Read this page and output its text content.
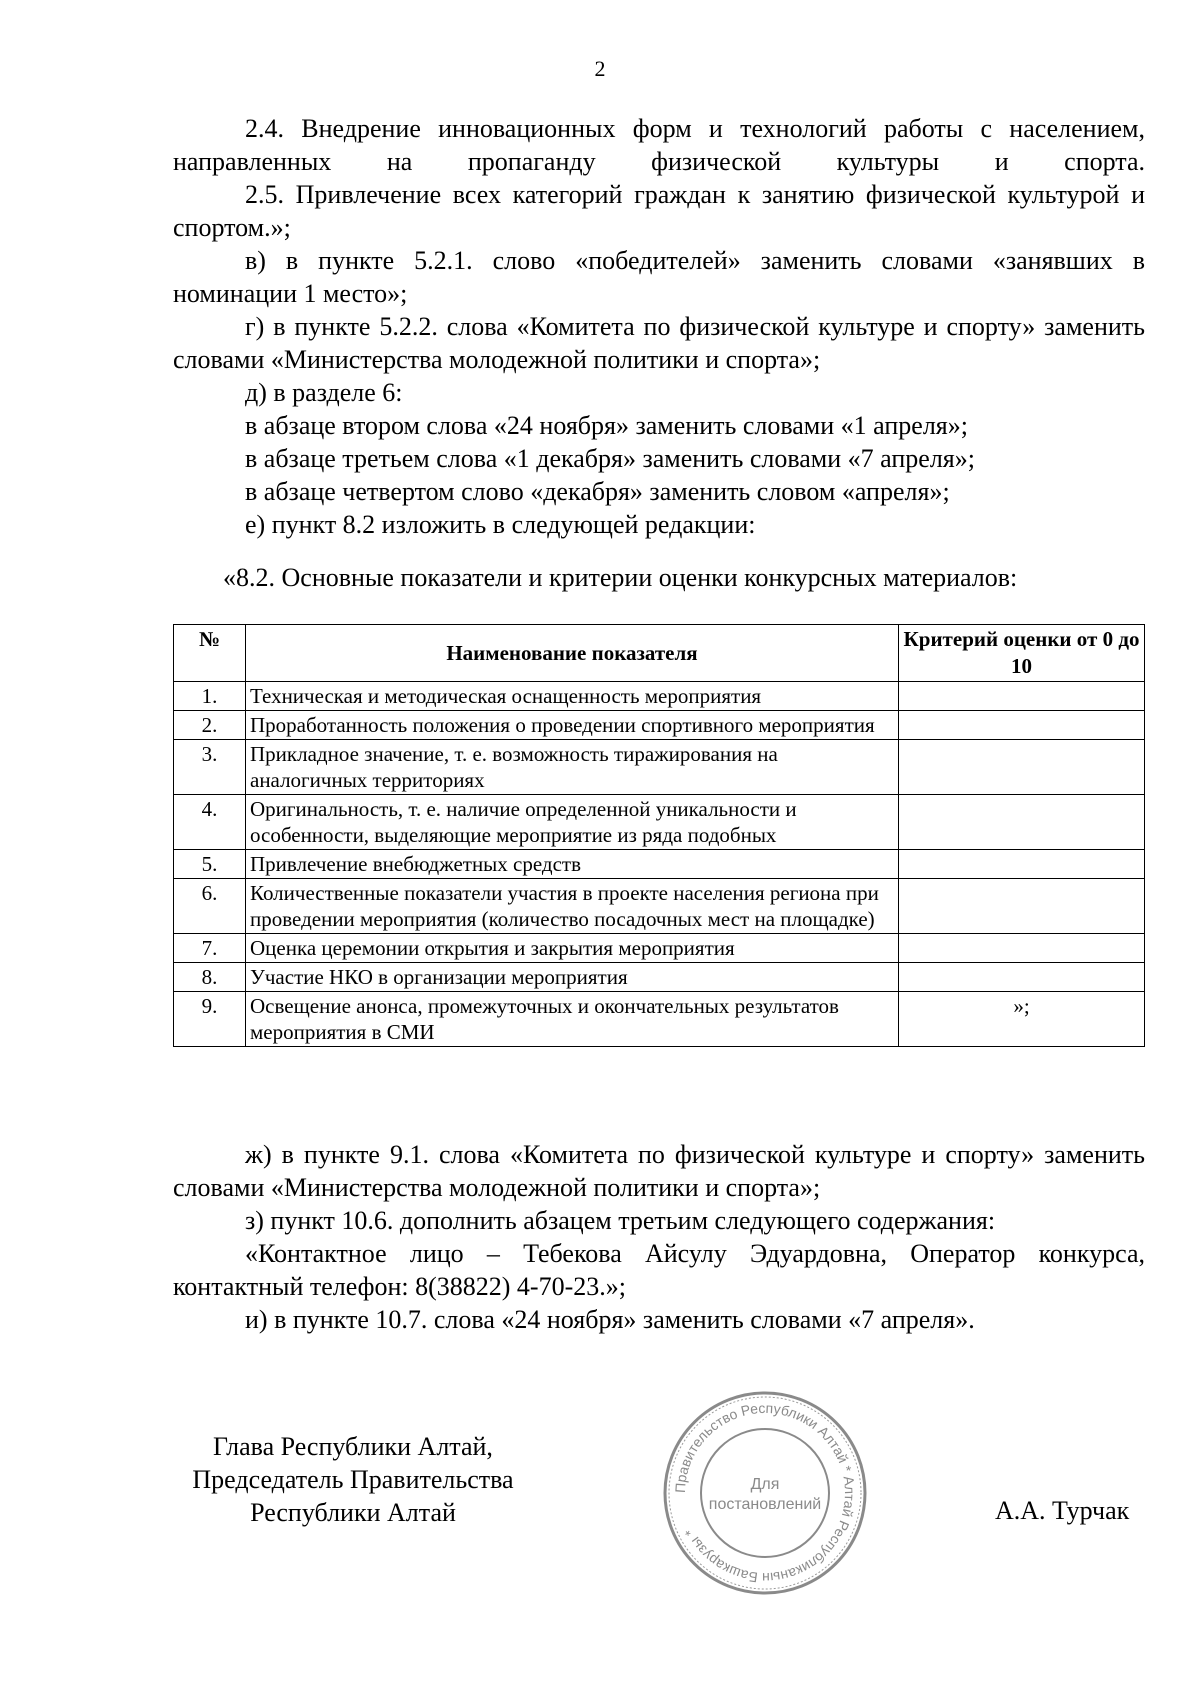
2

2.4. Внедрение инновационных форм и технологий работы с населением, направленных на пропаганду физической культуры и спорта.

2.5. Привлечение всех категорий граждан к занятию физической культурой и спортом.»;

в) в пункте 5.2.1. слово «победителей» заменить словами «занявших в номинации 1 место»;

г) в пункте 5.2.2. слова «Комитета по физической культуре и спорту» заменить словами «Министерства молодежной политики и спорта»;

д) в разделе 6:

в абзаце втором слова «24 ноября» заменить словами «1 апреля»;

в абзаце третьем слова «1 декабря» заменить словами «7 апреля»;

в абзаце четвертом слово «декабря» заменить словом «апреля»;

е) пункт 8.2 изложить в следующей редакции:

«8.2. Основные показатели и критерии оценки конкурсных материалов:

№	Наименование показателя	Критерий оценки от 0 до 10
1.	Техническая и методическая оснащенность мероприятия	
2.	Проработанность положения о проведении спортивного мероприятия	
3.	Прикладное значение, т. е. возможность тиражирования на аналогичных территориях	
4.	Оригинальность, т. е. наличие определенной уникальности и особенности, выделяющие мероприятие из ряда подобных	
5.	Привлечение внебюджетных средств	
6.	Количественные показатели участия в проекте населения региона при проведении мероприятия (количество посадочных мест на площадке)	
7.	Оценка церемонии открытия и закрытия мероприятия	
8.	Участие НКО в организации мероприятия	
9.	Освещение анонса, промежуточных и окончательных результатов мероприятия в СМИ	»;

ж) в пункте 9.1. слова «Комитета по физической культуре и спорту» заменить словами «Министерства молодежной политики и спорта»;

з) пункт 10.6. дополнить абзацем третьим следующего содержания:

«Контактное лицо – Тебекова Айсулу Эдуардовна, Оператор конкурса, контактный телефон: 8(38822) 4-70-23.»;

и) в пункте 10.7. слова «24 ноября» заменить словами «7 апреля».

Глава Республики Алтай,
Председатель Правительства
Республики Алтай
Правительство Республики Алтай * Алтай Республиканын Башкарузы *
Для
постановлений	А.А. Турчак
